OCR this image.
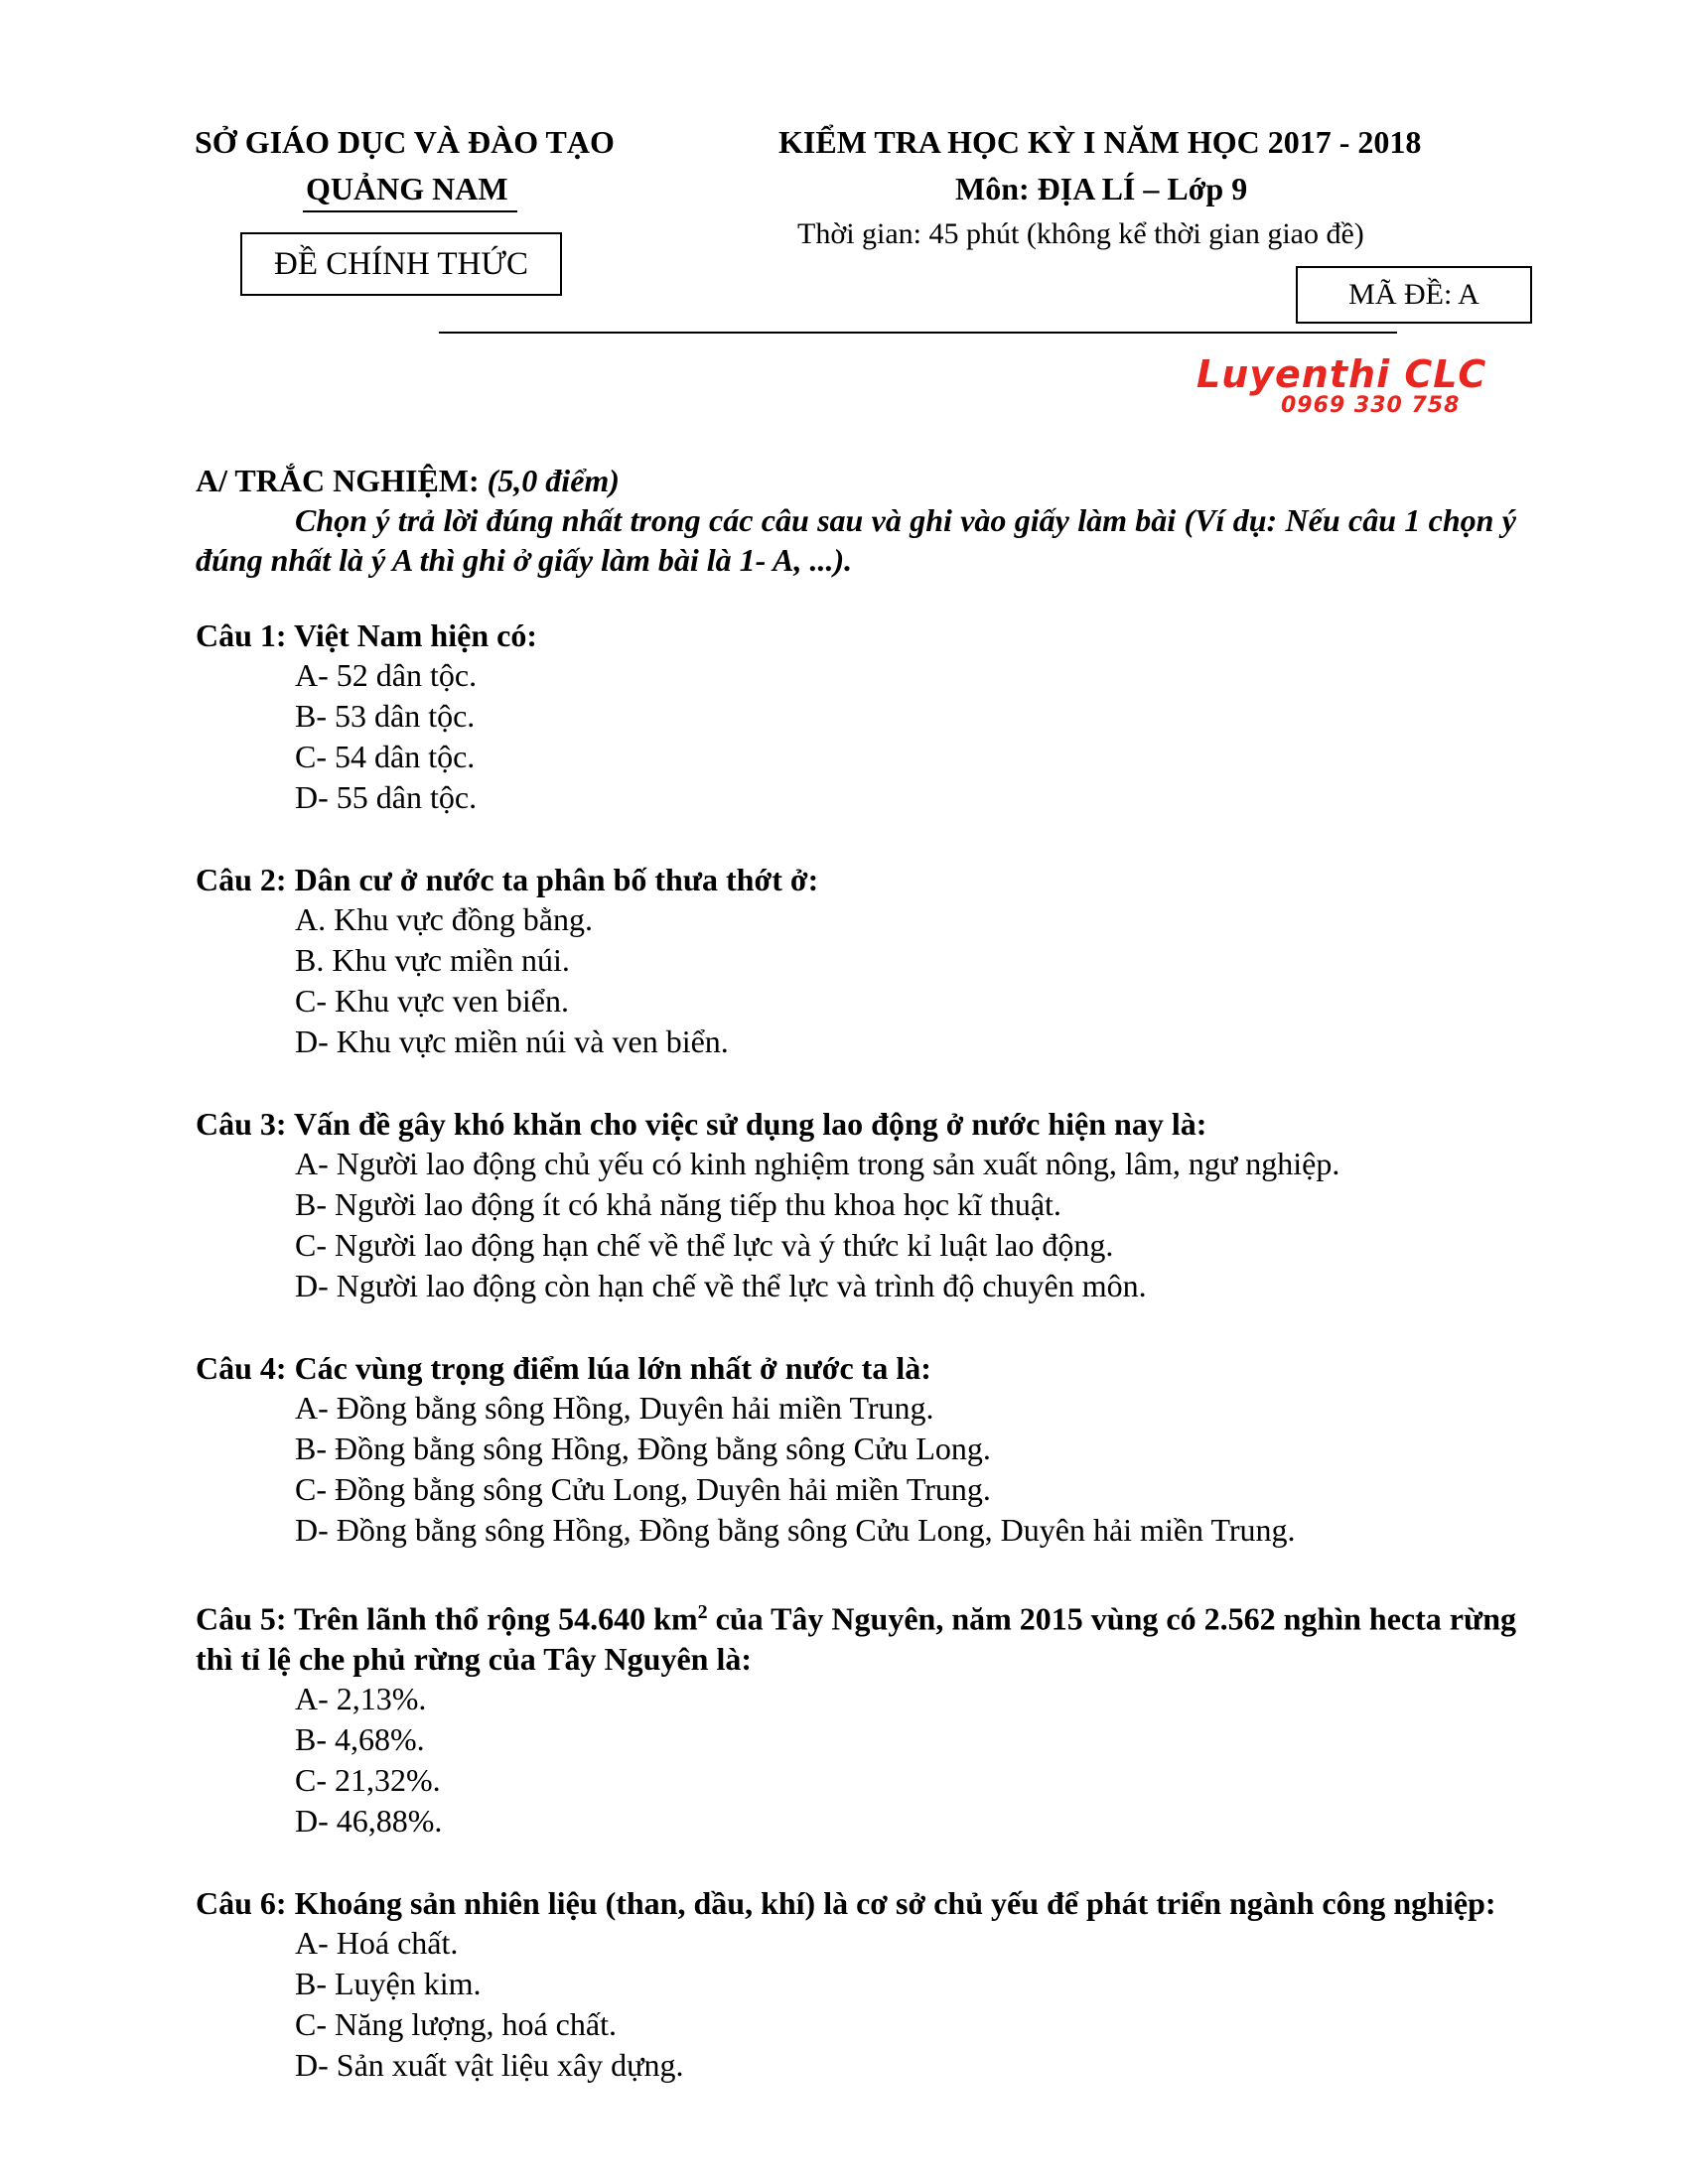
SỞ GIÁO DỤC VÀ ĐÀO TẠO
QUẢNG NAM
ĐỀ CHÍNH THỨC
KIỂM TRA HỌC KỲ I NĂM HỌC 2017 - 2018
Môn: ĐỊA LÍ – Lớp 9
Thời gian: 45 phút (không kể thời gian giao đề)
MÃ ĐỀ: A
Luyenthi CLC
0969 330 758
A/ TRẮC NGHIỆM: (5,0 điểm)
Chọn ý trả lời đúng nhất trong các câu sau và ghi vào giấy làm bài (Ví dụ: Nếu câu 1 chọn ý đúng nhất là ý A thì ghi ở giấy làm bài là 1- A, ...).
Câu 1: Việt Nam hiện có:
A- 52 dân tộc.
B- 53 dân tộc.
C- 54 dân tộc.
D- 55 dân tộc.
Câu 2: Dân cư ở nước ta phân bố thưa thớt ở:
A. Khu vực đồng bằng.
B. Khu vực miền núi.
C- Khu vực ven biển.
D- Khu vực miền núi và ven biển.
Câu 3: Vấn đề gây khó khăn cho việc sử dụng lao động ở nước hiện nay là:
A- Người lao động chủ yếu có kinh nghiệm trong sản xuất nông, lâm, ngư nghiệp.
B- Người lao động ít có khả năng tiếp thu khoa học kĩ thuật.
C- Người lao động hạn chế về thể lực và ý thức kỉ luật lao động.
D- Người lao động còn hạn chế về thể lực và trình độ chuyên môn.
Câu 4: Các vùng trọng điểm lúa lớn nhất ở nước ta là:
A- Đồng bằng sông Hồng, Duyên hải miền Trung.
B- Đồng bằng sông Hồng, Đồng bằng sông Cửu Long.
C- Đồng bằng sông Cửu Long, Duyên hải miền Trung.
D- Đồng bằng sông Hồng, Đồng bằng sông Cửu Long, Duyên hải miền Trung.
Câu 5: Trên lãnh thổ rộng 54.640 $km^2$ của Tây Nguyên, năm 2015 vùng có 2.562 nghìn hecta rừng thì tỉ lệ che phủ rừng của Tây Nguyên là:
A- 2,13%.
B- 4,68%.
C- 21,32%.
D- 46,88%.
Câu 6: Khoáng sản nhiên liệu (than, dầu, khí) là cơ sở chủ yếu để phát triển ngành công nghiệp:
A- Hoá chất.
B- Luyện kim.
C- Năng lượng, hoá chất.
D- Sản xuất vật liệu xây dựng.
